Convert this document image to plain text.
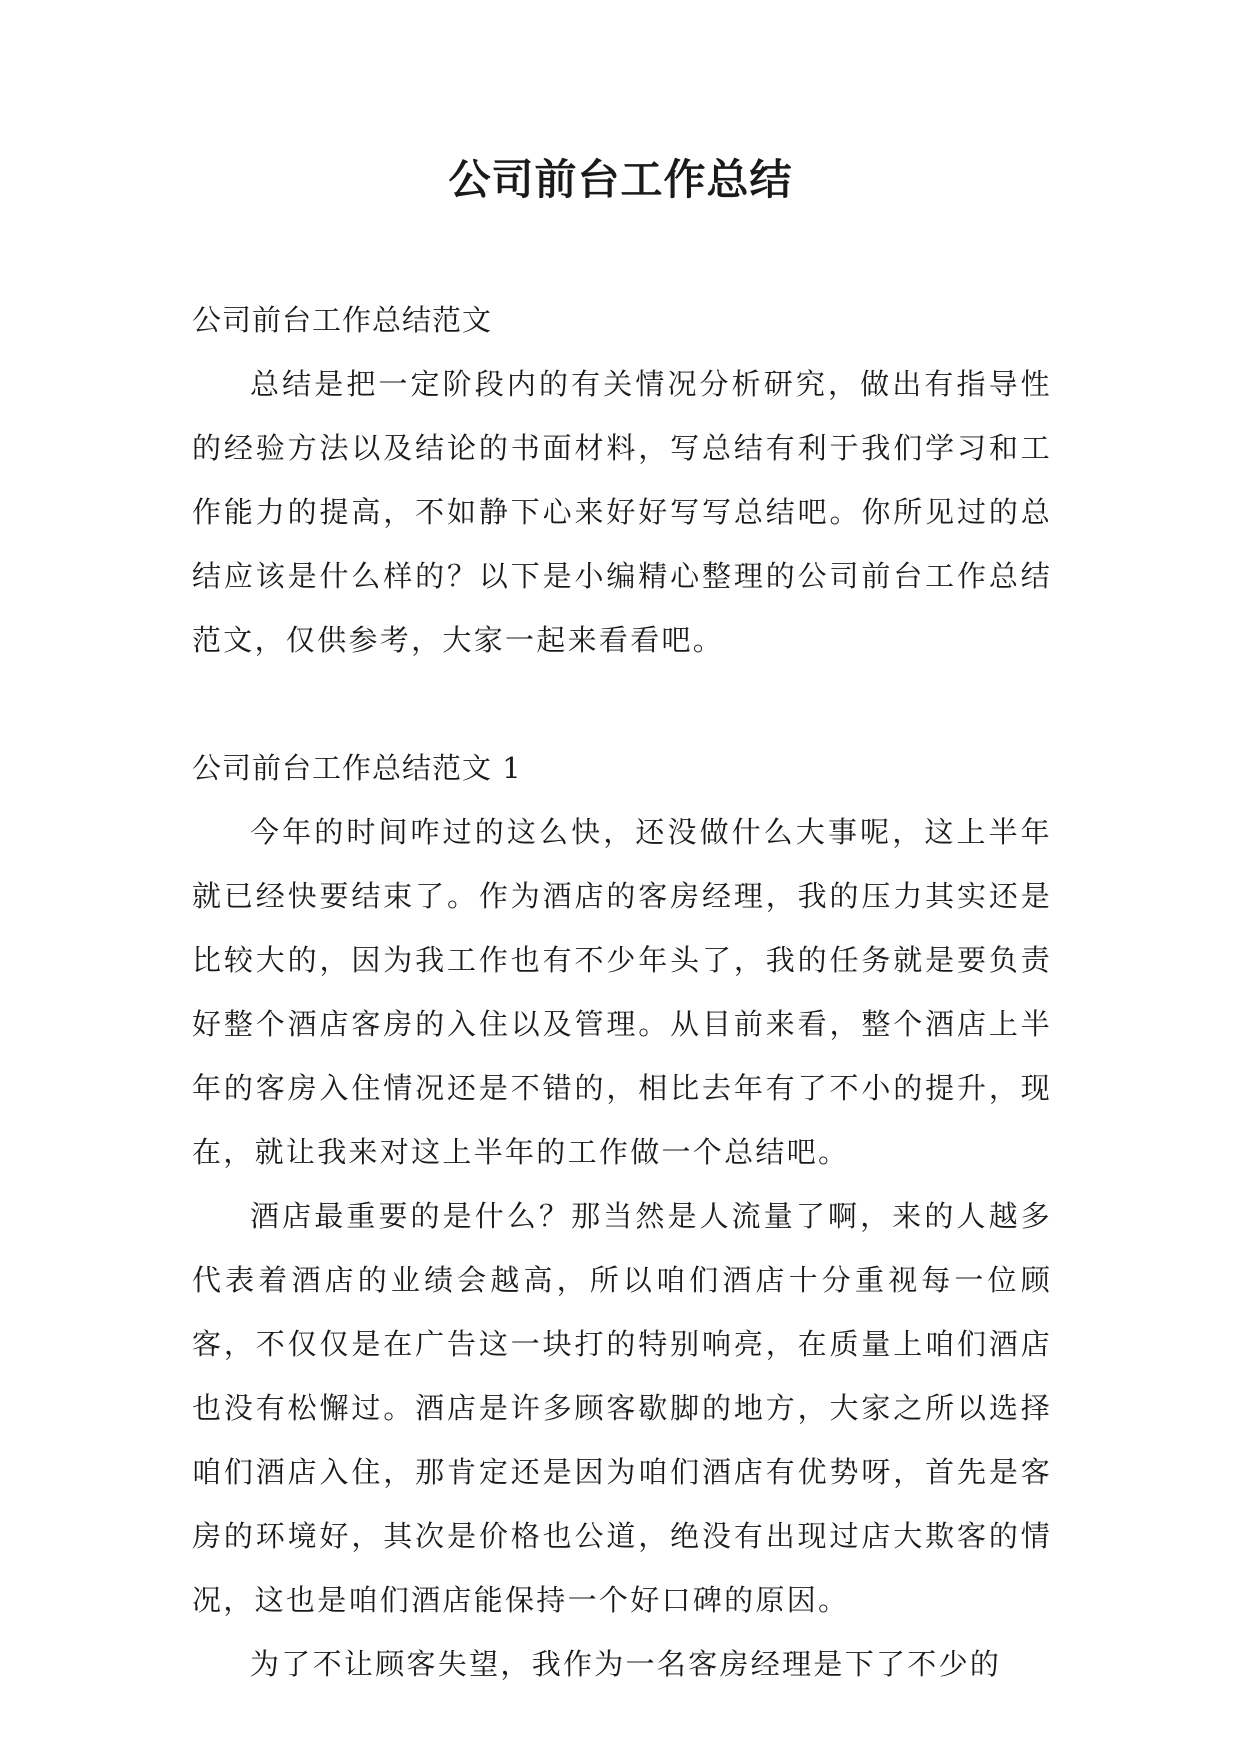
公司前台工作总结

公司前台工作总结范文

总结是把一定阶段内的有关情况分析研究，做出有指导性的经验方法以及结论的书面材料，写总结有利于我们学习和工作能力的提高，不如静下心来好好写写总结吧。你所见过的总结应该是什么样的？以下是小编精心整理的公司前台工作总结范文，仅供参考，大家一起来看看吧。

公司前台工作总结范文 1

今年的时间咋过的这么快，还没做什么大事呢，这上半年就已经快要结束了。作为酒店的客房经理，我的压力其实还是比较大的，因为我工作也有不少年头了，我的任务就是要负责好整个酒店客房的入住以及管理。从目前来看，整个酒店上半年的客房入住情况还是不错的，相比去年有了不小的提升，现在，就让我来对这上半年的工作做一个总结吧。

酒店最重要的是什么？那当然是人流量了啊，来的人越多代表着酒店的业绩会越高，所以咱们酒店十分重视每一位顾客，不仅仅是在广告这一块打的特别响亮，在质量上咱们酒店也没有松懈过。酒店是许多顾客歇脚的地方，大家之所以选择咱们酒店入住，那肯定还是因为咱们酒店有优势呀，首先是客房的环境好，其次是价格也公道，绝没有出现过店大欺客的情况，这也是咱们酒店能保持一个好口碑的原因。

为了不让顾客失望，我作为一名客房经理是下了不少的
